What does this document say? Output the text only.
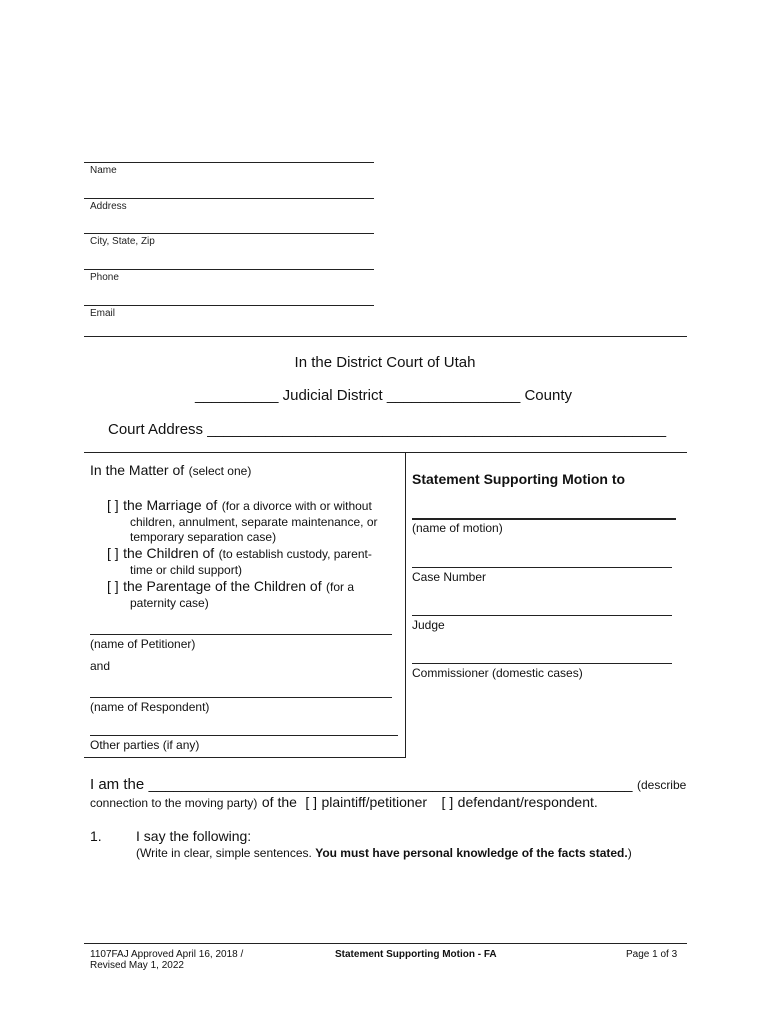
Name
Address
City, State, Zip
Phone
Email
In the District Court of Utah
__________ Judicial District ________________ County
Court Address _______________________________________________________
In the Matter of (select one)
[ ] the Marriage of (for a divorce with or without
children, annulment, separate maintenance, or
temporary separation case)
[ ] the Children of (to establish custody, parent-
time or child support)
[ ] the Parentage of the Children of (for a
paternity case)
(name of Petitioner)
and
(name of Respondent)
Other parties (if any)
Statement Supporting Motion to
(name of motion)
Case Number
Judge
Commissioner (domestic cases)
I am the __________________________________________________________ (describe
connection to the moving party) of the [ ] plaintiff/petitioner [ ] defendant/respondent.
1. I say the following:
(Write in clear, simple sentences. You must have personal knowledge of the facts stated.)
1107FAJ Approved April 16, 2018 /
Revised May 1, 2022
Statement Supporting Motion - FA	Page 1 of 3
